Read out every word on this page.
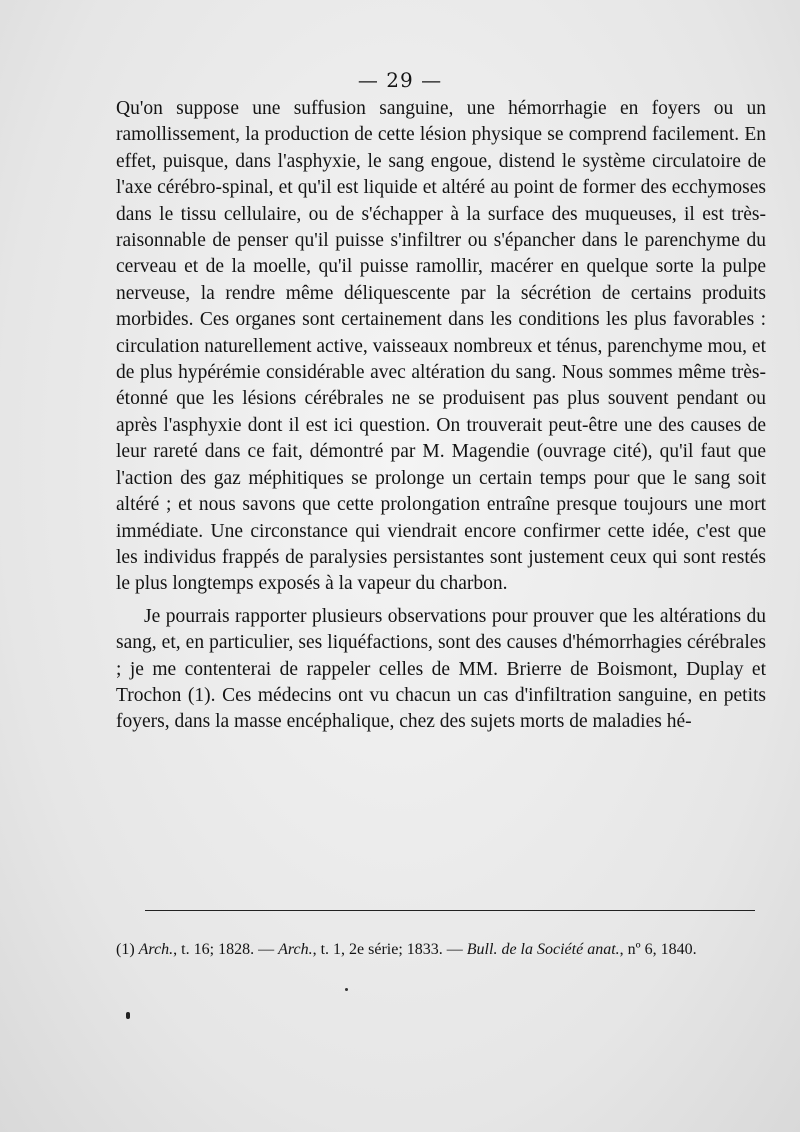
— 29 —

Qu'on suppose une suffusion sanguine, une hémorrhagie en foyers ou un ramollissement, la production de cette lésion physique se comprend facilement. En effet, puisque, dans l'asphyxie, le sang engoue, distend le système circulatoire de l'axe cérébro-spinal, et qu'il est liquide et altéré au point de former des ecchymoses dans le tissu cellulaire, ou de s'échapper à la surface des muqueuses, il est très-raisonnable de penser qu'il puisse s'infiltrer ou s'épancher dans le parenchyme du cerveau et de la moelle, qu'il puisse ramollir, macérer en quelque sorte la pulpe nerveuse, la rendre même déliquescente par la sécrétion de certains produits morbides. Ces organes sont certainement dans les conditions les plus favorables : circulation naturellement active, vaisseaux nombreux et ténus, parenchyme mou, et de plus hypérémie considérable avec altération du sang. Nous sommes même très-étonné que les lésions cérébrales ne se produisent pas plus souvent pendant ou après l'asphyxie dont il est ici question. On trouverait peut-être une des causes de leur rareté dans ce fait, démontré par M. Magendie (ouvrage cité), qu'il faut que l'action des gaz méphitiques se prolonge un certain temps pour que le sang soit altéré ; et nous savons que cette prolongation entraîne presque toujours une mort immédiate. Une circonstance qui viendrait encore confirmer cette idée, c'est que les individus frappés de paralysies persistantes sont justement ceux qui sont restés le plus longtemps exposés à la vapeur du charbon.

Je pourrais rapporter plusieurs observations pour prouver que les altérations du sang, et, en particulier, ses liquéfactions, sont des causes d'hémorrhagies cérébrales ; je me contenterai de rappeler celles de MM. Brierre de Boismont, Duplay et Trochon (1). Ces médecins ont vu chacun un cas d'infiltration sanguine, en petits foyers, dans la masse encéphalique, chez des sujets morts de maladies hé-

(1) Arch., t. 16; 1828. — Arch., t. 1, 2e série; 1833. — Bull. de la Société anat., nº 6, 1840.
